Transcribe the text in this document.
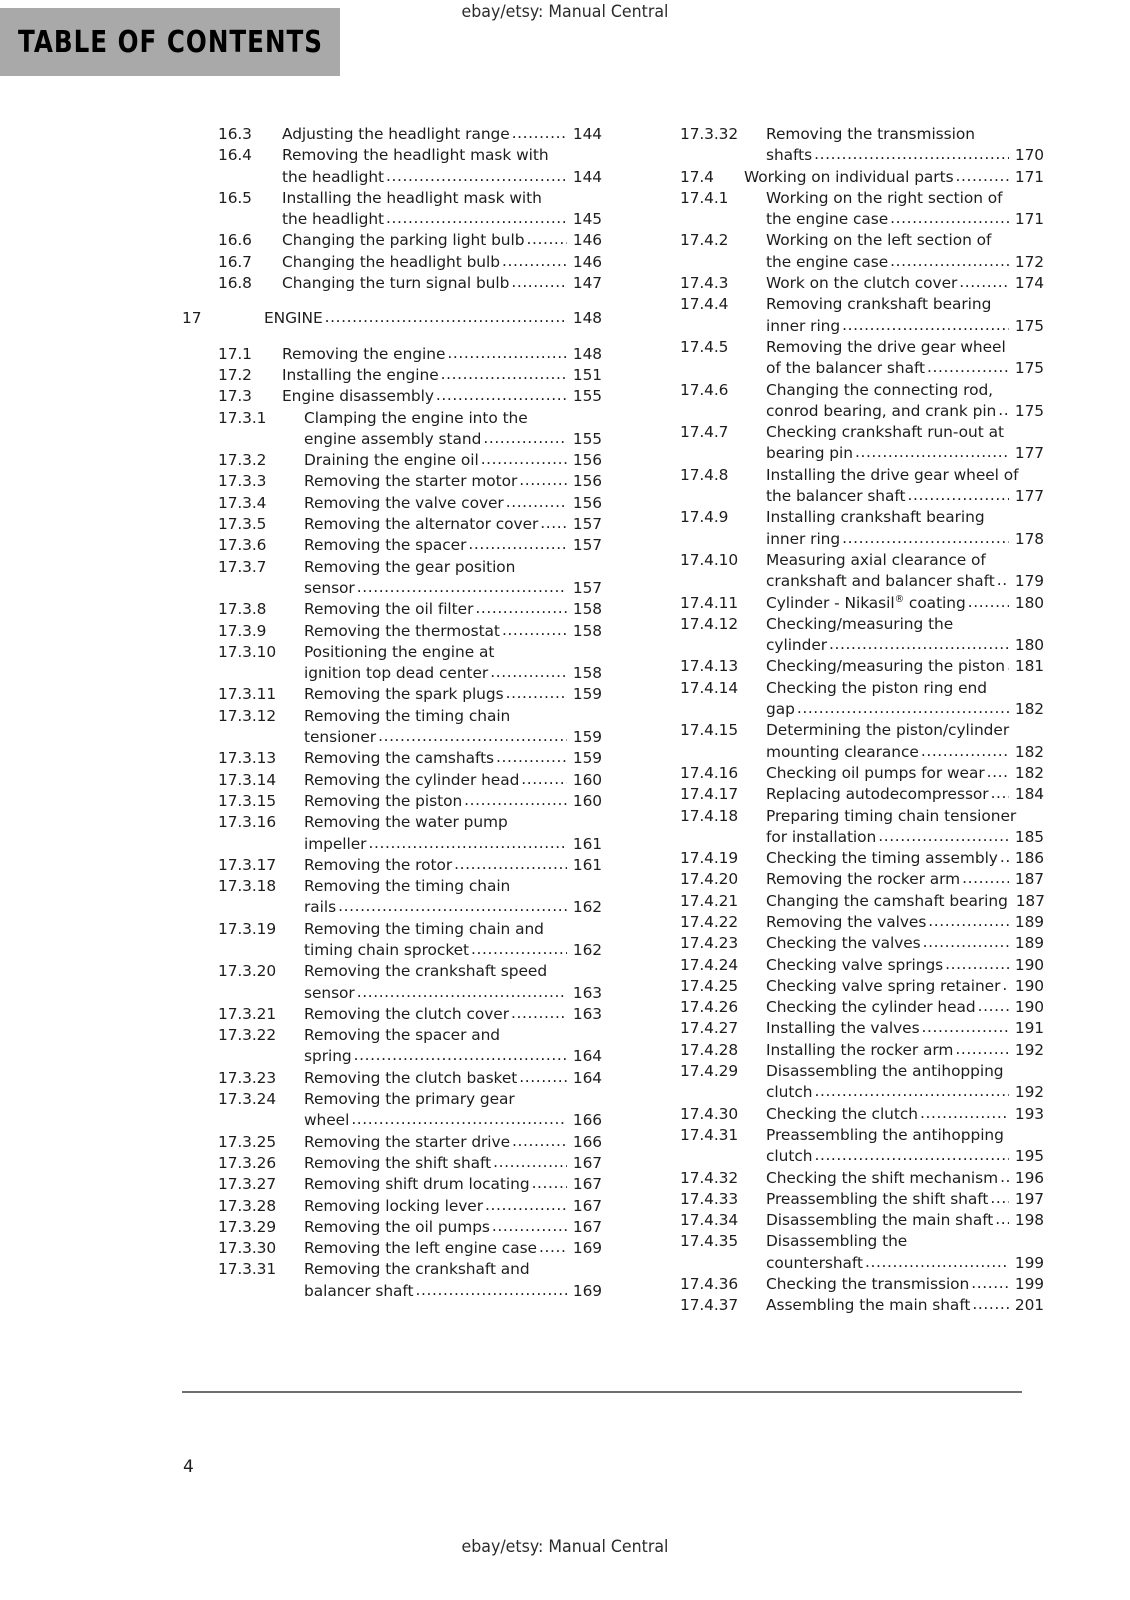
ebay/etsy: Manual Central
TABLE OF CONTENTS
16.3	Adjusting the headlight range .....	144
16.4	Removing the headlight mask with
the headlight .....	144
16.5	Installing the headlight mask with
the headlight .....	145
16.6	Changing the parking light bulb .....	146
16.7	Changing the headlight bulb .....	146
16.8	Changing the turn signal bulb .....	147
17	ENGINE .....	148
17.1	Removing the engine .....	148
17.2	Installing the engine .....	151
17.3	Engine disassembly .....	155
17.3.1	Clamping the engine into the
engine assembly stand .....	155
17.3.2	Draining the engine oil .....	156
17.3.3	Removing the starter motor .....	156
17.3.4	Removing the valve cover .....	156
17.3.5	Removing the alternator cover .....	157
17.3.6	Removing the spacer .....	157
17.3.7	Removing the gear position
sensor .....	157
17.3.8	Removing the oil filter .....	158
17.3.9	Removing the thermostat .....	158
17.3.10	Positioning the engine at
ignition top dead center .....	158
17.3.11	Removing the spark plugs .....	159
17.3.12	Removing the timing chain
tensioner .....	159
17.3.13	Removing the camshafts .....	159
17.3.14	Removing the cylinder head .....	160
17.3.15	Removing the piston .....	160
17.3.16	Removing the water pump
impeller .....	161
17.3.17	Removing the rotor .....	161
17.3.18	Removing the timing chain
rails .....	162
17.3.19	Removing the timing chain and
timing chain sprocket .....	162
17.3.20	Removing the crankshaft speed
sensor .....	163
17.3.21	Removing the clutch cover .....	163
17.3.22	Removing the spacer and
spring .....	164
17.3.23	Removing the clutch basket .....	164
17.3.24	Removing the primary gear
wheel .....	166
17.3.25	Removing the starter drive .....	166
17.3.26	Removing the shift shaft .....	167
17.3.27	Removing shift drum locating .....	167
17.3.28	Removing locking lever .....	167
17.3.29	Removing the oil pumps .....	167
17.3.30	Removing the left engine case .....	169
17.3.31	Removing the crankshaft and
balancer shaft .....	169
17.3.32	Removing the transmission
shafts .....	170
17.4	Working on individual parts .....	171
17.4.1	Working on the right section of
the engine case .....	171
17.4.2	Working on the left section of
the engine case .....	172
17.4.3	Work on the clutch cover .....	174
17.4.4	Removing crankshaft bearing
inner ring .....	175
17.4.5	Removing the drive gear wheel
of the balancer shaft .....	175
17.4.6	Changing the connecting rod,
conrod bearing, and crank pin .....	175
17.4.7	Checking crankshaft run-out at
bearing pin .....	177
17.4.8	Installing the drive gear wheel of
the balancer shaft .....	177
17.4.9	Installing crankshaft bearing
inner ring .....	178
17.4.10	Measuring axial clearance of
crankshaft and balancer shaft .....	179
17.4.11	Cylinder - Nikasil® coating .....	180
17.4.12	Checking/measuring the
cylinder .....	180
17.4.13	Checking/measuring the piston ..... 181
17.4.14	Checking the piston ring end
gap .....	182
17.4.15	Determining the piston/cylinder
mounting clearance .....	182
17.4.16	Checking oil pumps for wear .....	182
17.4.17	Replacing autodecompressor .....	184
17.4.18	Preparing timing chain tensioner
for installation .....	185
17.4.19	Checking the timing assembly .....	186
17.4.20	Removing the rocker arm .....	187
17.4.21	Changing the camshaft bearing 187
17.4.22	Removing the valves .....	189
17.4.23	Checking the valves .....	189
17.4.24	Checking valve springs .....	190
17.4.25	Checking valve spring retainer ..... 190
17.4.26	Checking the cylinder head .....	190
17.4.27	Installing the valves .....	191
17.4.28	Installing the rocker arm .....	192
17.4.29	Disassembling the antihopping
clutch .....	192
17.4.30	Checking the clutch .....	193
17.4.31	Preassembling the antihopping
clutch .....	195
17.4.32	Checking the shift mechanism .....	196
17.4.33	Preassembling the shift shaft .....	197
17.4.34	Disassembling the main shaft .....	198
17.4.35	Disassembling the
countershaft .....	199
17.4.36	Checking the transmission .....	199
17.4.37	Assembling the main shaft .....	201
4
ebay/etsy: Manual Central
